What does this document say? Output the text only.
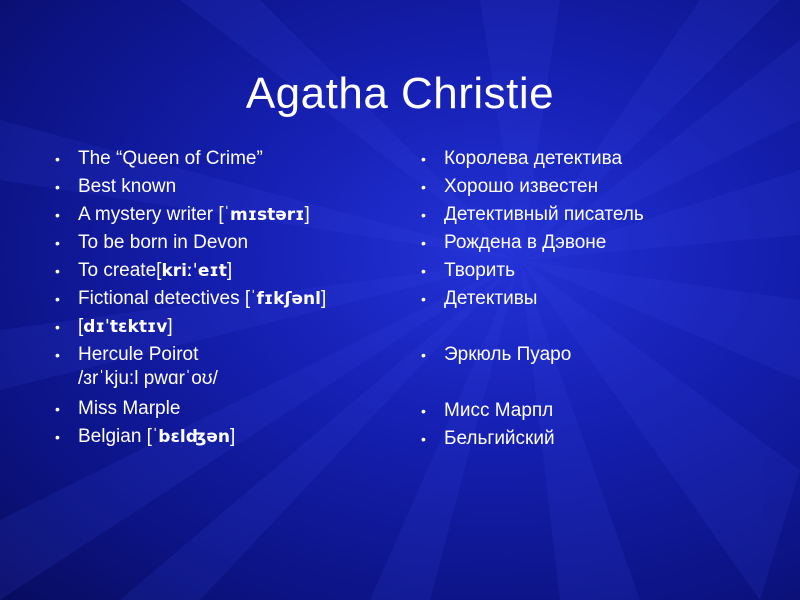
Agatha Christie
• The “Queen of Crime”
• Best known
• A mystery writer [ˈmɪstərɪ]
• To be born in Devon
• To create[kriːˈeɪt]
• Fictional detectives [ˈfɪkʃənl]
• [dɪˈtɛktɪv]
• Hercule Poirot
/ɜrˈkju:l pwɑrˈoʊ/
• Miss Marple
• Belgian [ˈbɛlʤən]
• Королева детектива
• Хорошо известен
• Детективный писатель
• Рождена в Дэвоне
• Творить
• Детективы
• Эркюль Пуаро
• Мисс Марпл
• Бельгийский
